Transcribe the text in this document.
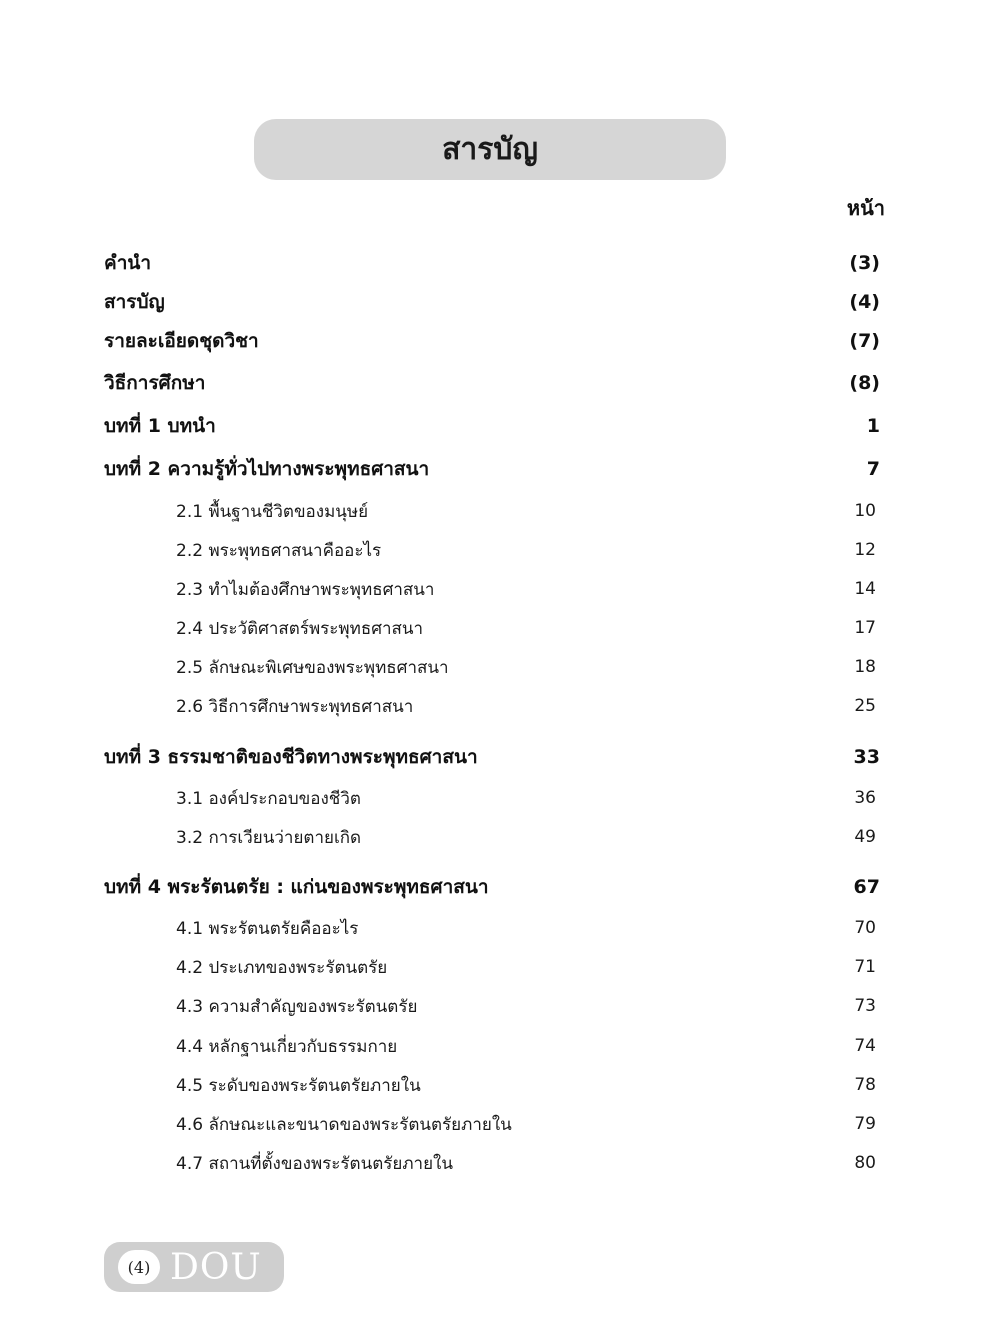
สารบัญ
หน้า
คำนำ	(3)
สารบัญ	(4)
รายละเอียดชุดวิชา	(7)
วิธีการศึกษา	(8)
บทที่ 1 บทนำ	1
บทที่ 2 ความรู้ทั่วไปทางพระพุทธศาสนา	7
2.1 พื้นฐานชีวิตของมนุษย์	10
2.2 พระพุทธศาสนาคืออะไร	12
2.3 ทำไมต้องศึกษาพระพุทธศาสนา	14
2.4 ประวัติศาสตร์พระพุทธศาสนา	17
2.5 ลักษณะพิเศษของพระพุทธศาสนา	18
2.6 วิธีการศึกษาพระพุทธศาสนา	25
บทที่ 3 ธรรมชาติของชีวิตทางพระพุทธศาสนา	33
3.1 องค์ประกอบของชีวิต	36
3.2 การเวียนว่ายตายเกิด	49
บทที่ 4 พระรัตนตรัย : แก่นของพระพุทธศาสนา	67
4.1 พระรัตนตรัยคืออะไร	70
4.2 ประเภทของพระรัตนตรัย	71
4.3 ความสำคัญของพระรัตนตรัย	73
4.4 หลักฐานเกี่ยวกับธรรมกาย	74
4.5 ระดับของพระรัตนตรัยภายใน	78
4.6 ลักษณะและขนาดของพระรัตนตรัยภายใน	79
4.7 สถานที่ตั้งของพระรัตนตรัยภายใน	80
(4) DOU
